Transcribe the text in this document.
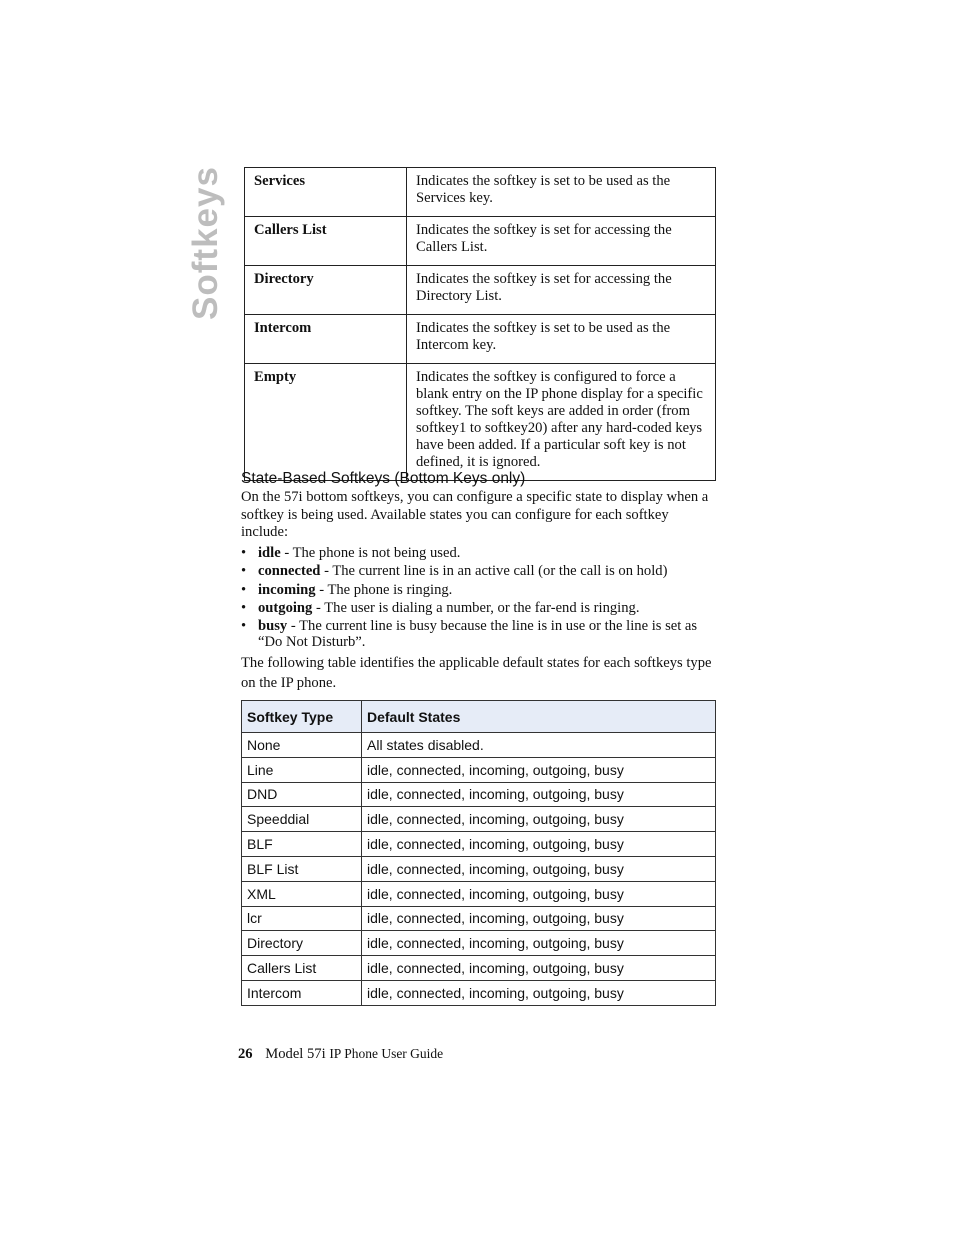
Softkeys Services	Indicates the softkey is set to be used as the Services key.
Callers List	Indicates the softkey is set for accessing the Callers List.
Directory	Indicates the softkey is set for accessing the Directory List.
Intercom	Indicates the softkey is set to be used as the Intercom key.
Empty	Indicates the softkey is configured to force a blank entry on the IP phone display for a specific softkey. The soft keys are added in order (from softkey1 to softkey20) after any hard-coded keys have been added. If a particular soft key is not defined, it is ignored.
State-Based Softkeys (Bottom Keys only)

On the 57i bottom softkeys, you can configure a specific state to display when a softkey is being used. Available states you can configure for each softkey include:

• idle - The phone is not being used.
• connected - The current line is in an active call (or the call is on hold)
• incoming - The phone is ringing.
• outgoing - The user is dialing a number, or the far-end is ringing.
• busy - The current line is busy because the line is in use or the line is set as “Do Not Disturb”.

The following table identifies the applicable default states for each softkeys type on the IP phone.

Softkey Type	Default States
None	All states disabled.
Line	idle, connected, incoming, outgoing, busy
DND	idle, connected, incoming, outgoing, busy
Speeddial	idle, connected, incoming, outgoing, busy
BLF	idle, connected, incoming, outgoing, busy
BLF List	idle, connected, incoming, outgoing, busy
XML	idle, connected, incoming, outgoing, busy
lcr	idle, connected, incoming, outgoing, busy
Directory	idle, connected, incoming, outgoing, busy
Callers List	idle, connected, incoming, outgoing, busy
Intercom	idle, connected, incoming, outgoing, busy
26 Model 57i IP Phone User Guide
